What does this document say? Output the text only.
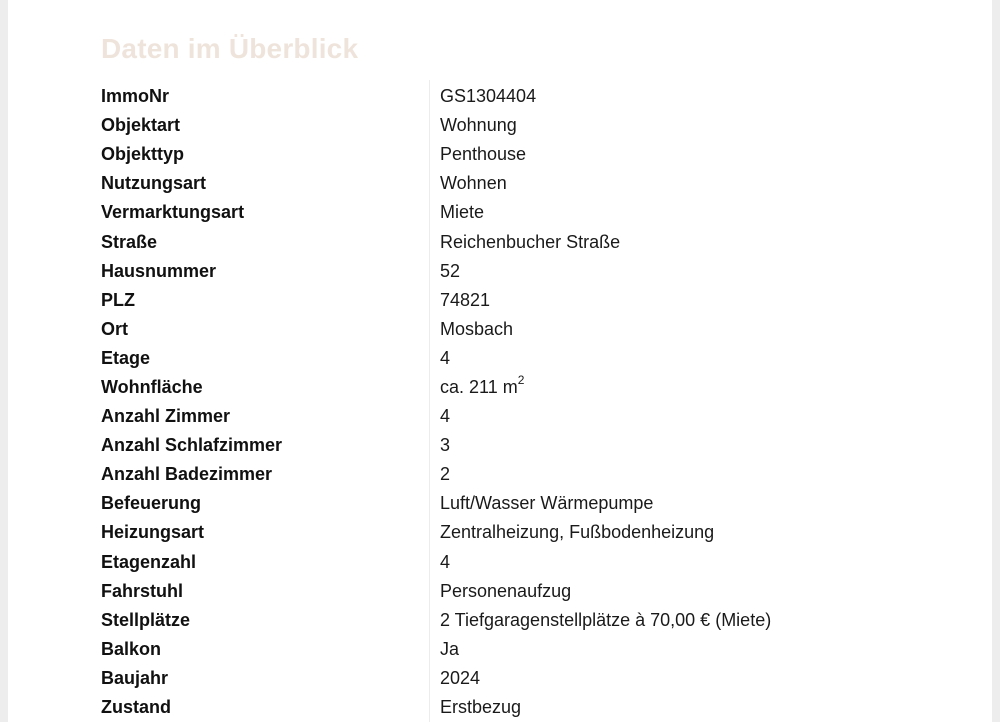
Daten im Überblick
ImmoNr	GS1304404
Objektart	Wohnung
Objekttyp	Penthouse
Nutzungsart	Wohnen
Vermarktungsart	Miete
Straße	Reichenbucher Straße
Hausnummer	52
PLZ	74821
Ort	Mosbach
Etage	4
Wohnfläche	ca. 211 $m^2$
Anzahl Zimmer	4
Anzahl Schlafzimmer	3
Anzahl Badezimmer	2
Befeuerung	Luft/Wasser Wärmepumpe
Heizungsart	Zentralheizung, Fußbodenheizung
Etagenzahl	4
Fahrstuhl	Personenaufzug
Stellplätze	2 Tiefgaragenstellplätze à 70,00 € (Miete)
Balkon	Ja
Baujahr	2024
Zustand	Erstbezug
